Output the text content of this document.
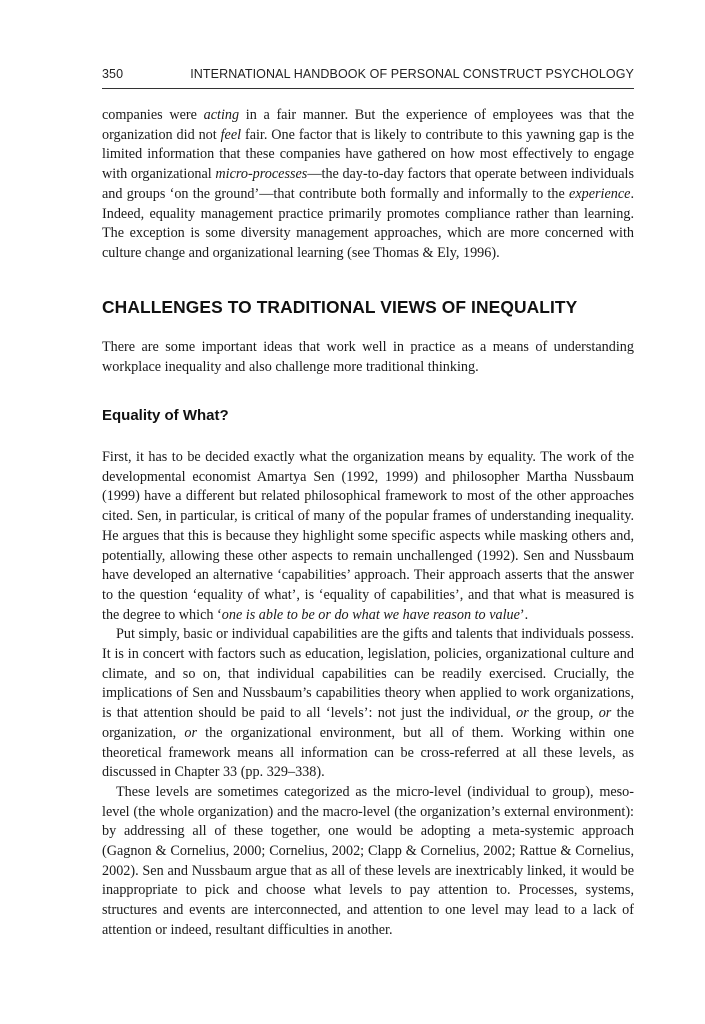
350	INTERNATIONAL HANDBOOK OF PERSONAL CONSTRUCT PSYCHOLOGY

companies were acting in a fair manner. But the experience of employees was that the organization did not feel fair. One factor that is likely to contribute to this yawning gap is the limited information that these companies have gathered on how most effectively to engage with organizational micro-processes—the day-to-day factors that operate between individuals and groups ‘on the ground’—that contribute both formally and informally to the experience. Indeed, equality management practice primarily promotes compliance rather than learning. The exception is some diversity management approaches, which are more concerned with culture change and organizational learning (see Thomas & Ely, 1996).

CHALLENGES TO TRADITIONAL VIEWS OF INEQUALITY

There are some important ideas that work well in practice as a means of understanding workplace inequality and also challenge more traditional thinking.

Equality of What?

First, it has to be decided exactly what the organization means by equality. The work of the developmental economist Amartya Sen (1992, 1999) and philosopher Martha Nussbaum (1999) have a different but related philosophical framework to most of the other approaches cited. Sen, in particular, is critical of many of the popular frames of understanding inequality. He argues that this is because they highlight some specific aspects while masking others and, potentially, allowing these other aspects to remain unchallenged (1992). Sen and Nussbaum have developed an alternative ‘capabilities’ approach. Their approach asserts that the answer to the question ‘equality of what’, is ‘equality of capabilities’, and that what is measured is the degree to which ‘one is able to be or do what we have reason to value’.

Put simply, basic or individual capabilities are the gifts and talents that individuals possess. It is in concert with factors such as education, legislation, policies, organizational culture and climate, and so on, that individual capabilities can be readily exercised. Crucially, the implications of Sen and Nussbaum’s capabilities theory when applied to work organizations, is that attention should be paid to all ‘levels’: not just the individual, or the group, or the organization, or the organizational environment, but all of them. Working within one theoretical framework means all information can be cross-referred at all these levels, as discussed in Chapter 33 (pp. 329–338).

These levels are sometimes categorized as the micro-level (individual to group), meso-level (the whole organization) and the macro-level (the organization’s external environment): by addressing all of these together, one would be adopting a meta-systemic approach (Gagnon & Cornelius, 2000; Cornelius, 2002; Clapp & Cornelius, 2002; Rattue & Cornelius, 2002). Sen and Nussbaum argue that as all of these levels are inextricably linked, it would be inappropriate to pick and choose what levels to pay attention to. Processes, systems, structures and events are interconnected, and attention to one level may lead to a lack of attention or indeed, resultant difficulties in another.
